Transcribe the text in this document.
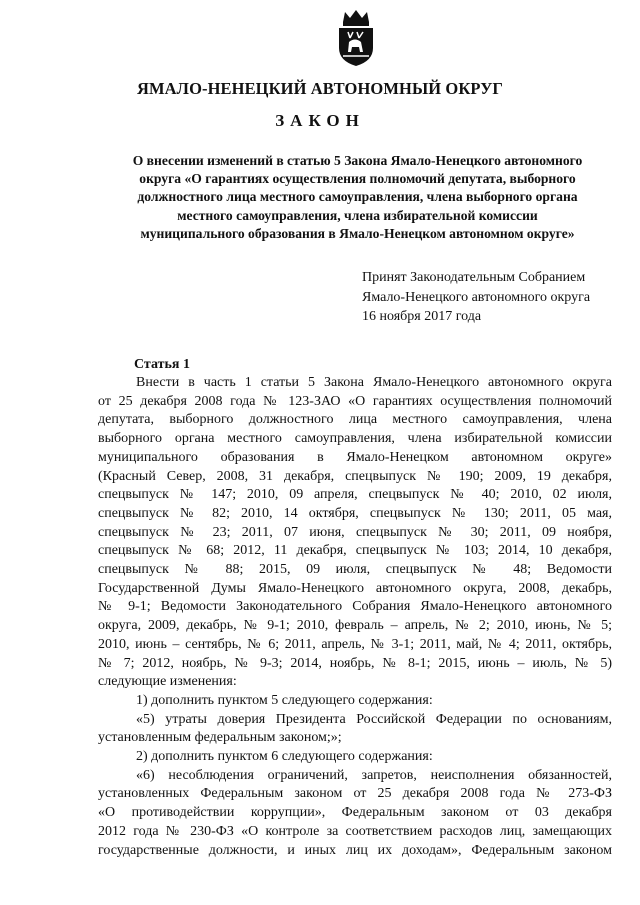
ЯМАЛО-НЕНЕЦКИЙ АВТОНОМНЫЙ ОКРУГ
ЗАКОН
О внесении изменений в статью 5 Закона Ямало-Ненецкого автономного
округа «О гарантиях осуществления полномочий депутата, выборного
должностного лица местного самоуправления, члена выборного органа
местного самоуправления, члена избирательной комиссии
муниципального образования в Ямало-Ненецком автономном округе»
Принят Законодательным Собранием
Ямало-Ненецкого автономного округа
16 ноября 2017 года
Статья 1
Внести в часть 1 статьи 5 Закона Ямало-Ненецкого автономного округа
от 25 декабря 2008 года № 123-ЗАО «О гарантиях осуществления полномочий
депутата, выборного должностного лица местного самоуправления, члена
выборного органа местного самоуправления, члена избирательной комиссии
муниципального образования в Ямало-Ненецком автономном округе»
(Красный Север, 2008, 31 декабря, спецвыпуск № 190; 2009, 19 декабря,
спецвыпуск № 147; 2010, 09 апреля, спецвыпуск № 40; 2010, 02 июля,
спецвыпуск № 82; 2010, 14 октября, спецвыпуск № 130; 2011, 05 мая,
спецвыпуск № 23; 2011, 07 июня, спецвыпуск № 30; 2011, 09 ноября,
спецвыпуск № 68; 2012, 11 декабря, спецвыпуск № 103; 2014, 10 декабря,
спецвыпуск № 88; 2015, 09 июля, спецвыпуск № 48; Ведомости
Государственной Думы Ямало-Ненецкого автономного округа, 2008, декабрь,
№ 9-1; Ведомости Законодательного Собрания Ямало-Ненецкого автономного
округа, 2009, декабрь, № 9-1; 2010, февраль – апрель, № 2; 2010, июнь, № 5;
2010, июнь – сентябрь, № 6; 2011, апрель, № 3-1; 2011, май, № 4; 2011, октябрь,
№ 7; 2012, ноябрь, № 9-3; 2014, ноябрь, № 8-1; 2015, июнь – июль, № 5)
следующие изменения:
1) дополнить пунктом 5 следующего содержания:
«5) утраты доверия Президента Российской Федерации по основаниям,
установленным федеральным законом;»;
2) дополнить пунктом 6 следующего содержания:
«6) несоблюдения ограничений, запретов, неисполнения обязанностей,
установленных Федеральным законом от 25 декабря 2008 года № 273-ФЗ
«О противодействии коррупции», Федеральным законом от 03 декабря
2012 года № 230-ФЗ «О контроле за соответствием расходов лиц, замещающих
государственные должности, и иных лиц их доходам», Федеральным законом
